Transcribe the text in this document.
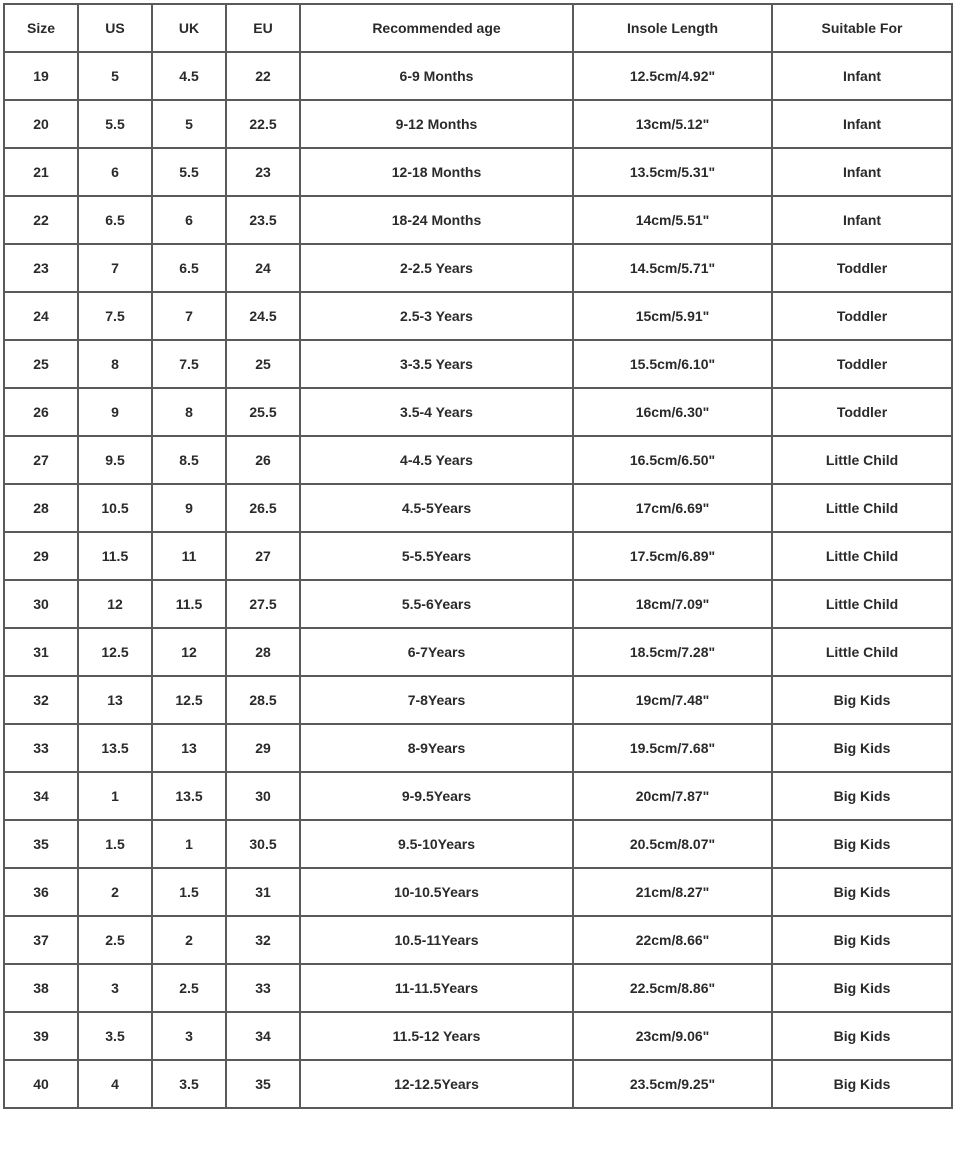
Size	US	UK	EU	Recommended age	Insole Length	Suitable For
19	5	4.5	22	6-9 Months	12.5cm/4.92"	Infant
20	5.5	5	22.5	9-12 Months	13cm/5.12"	Infant
21	6	5.5	23	12-18 Months	13.5cm/5.31"	Infant
22	6.5	6	23.5	18-24 Months	14cm/5.51"	Infant
23	7	6.5	24	2-2.5 Years	14.5cm/5.71"	Toddler
24	7.5	7	24.5	2.5-3 Years	15cm/5.91"	Toddler
25	8	7.5	25	3-3.5 Years	15.5cm/6.10"	Toddler
26	9	8	25.5	3.5-4 Years	16cm/6.30"	Toddler
27	9.5	8.5	26	4-4.5 Years	16.5cm/6.50"	Little Child
28	10.5	9	26.5	4.5-5Years	17cm/6.69"	Little Child
29	11.5	11	27	5-5.5Years	17.5cm/6.89"	Little Child
30	12	11.5	27.5	5.5-6Years	18cm/7.09"	Little Child
31	12.5	12	28	6-7Years	18.5cm/7.28"	Little Child
32	13	12.5	28.5	7-8Years	19cm/7.48"	Big Kids
33	13.5	13	29	8-9Years	19.5cm/7.68"	Big Kids
34	1	13.5	30	9-9.5Years	20cm/7.87"	Big Kids
35	1.5	1	30.5	9.5-10Years	20.5cm/8.07"	Big Kids
36	2	1.5	31	10-10.5Years	21cm/8.27"	Big Kids
37	2.5	2	32	10.5-11Years	22cm/8.66"	Big Kids
38	3	2.5	33	11-11.5Years	22.5cm/8.86"	Big Kids
39	3.5	3	34	11.5-12 Years	23cm/9.06"	Big Kids
40	4	3.5	35	12-12.5Years	23.5cm/9.25"	Big Kids
